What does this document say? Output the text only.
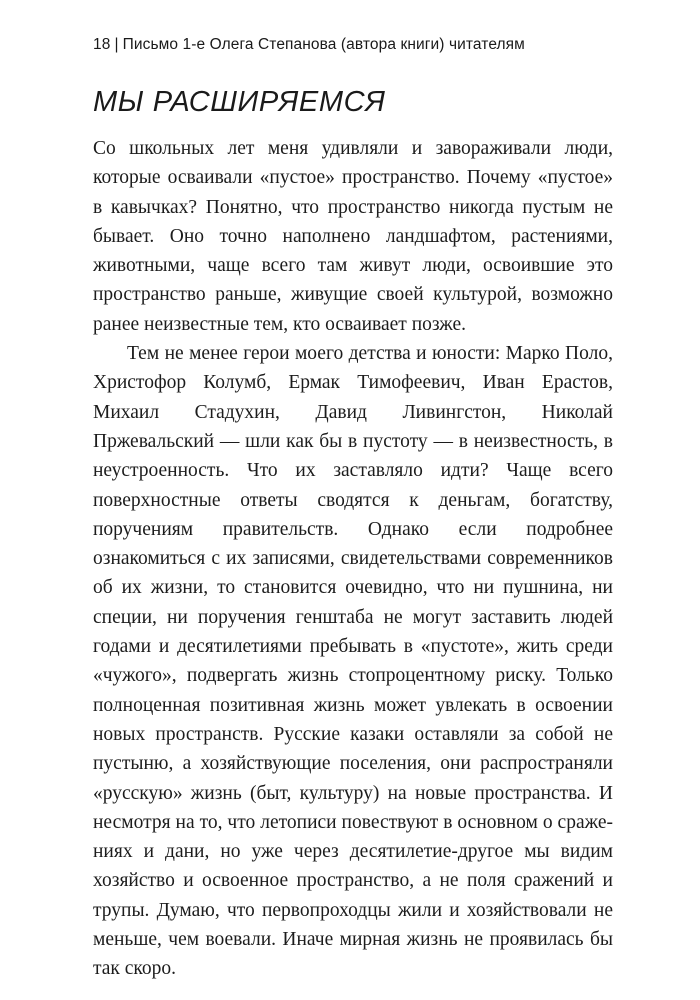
18 | Письмо 1-е Олега Степанова (автора книги) читателям
МЫ РАСШИРЯЕМСЯ

Со школьных лет меня удивляли и завораживали люди, которые осваивали «пустое» пространство. Почему «пустое» в кавычках? Понятно, что пространство никогда пустым не бывает. Оно точно наполнено ландшафтом, растениями, животными, чаще всего там живут люди, освоившие это пространство раньше, живущие своей культурой, возможно ранее неизвестные тем, кто осваивает позже.

Тем не менее герои моего детства и юности: Марко Поло, Христофор Колумб, Ермак Тимофеевич, Иван Ерастов, Михаил Стадухин, Давид Ливингстон, Николай Пржевальский — шли как бы в пустоту — в неизвестность, в неустроенность. Что их заставляло идти? Чаще всего поверхностные ответы сводятся к деньгам, богатству, поручениям правительств. Однако если подробнее ознакомиться с их записями, свидетельствами современников об их жизни, то становится очевидно, что ни пушнина, ни специи, ни поручения генштаба не могут заставить людей годами и десятилетиями пребывать в «пустоте», жить среди «чужого», подвергать жизнь стопроцентному риску. Только полноценная позитивная жизнь может увлекать в освоении новых пространств. Русские казаки оставляли за собой не пустыню, а хозяйствующие поселения, они распространяли «русскую» жизнь (быт, культуру) на новые пространства. И несмотря на то, что летописи повествуют в основном о сражениях и дани, но уже через десятилетие-другое мы видим хозяйство и освоенное пространство, а не поля сражений и трупы. Думаю, что первопроходцы жили и хозяйствовали не меньше, чем воевали. Иначе мирная жизнь не проявилась бы так скоро.
